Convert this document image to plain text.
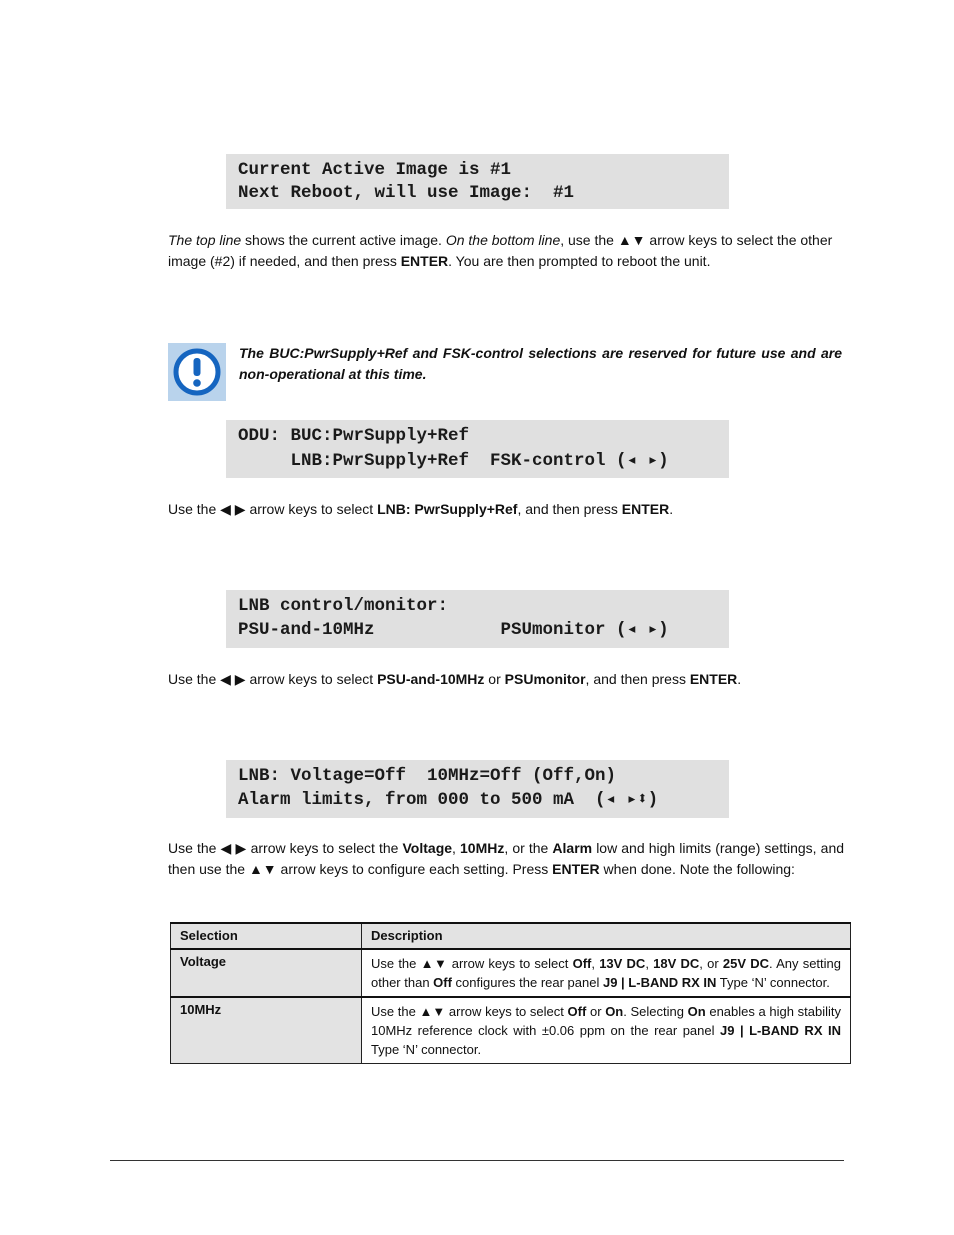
Current Active Image is #1
Next Reboot, will use Image:  #1
The top line shows the current active image. On the bottom line, use the ▲▼ arrow keys to select the other image (#2) if needed, and then press ENTER. You are then prompted to reboot the unit.
The BUC:PwrSupply+Ref and FSK-control selections are reserved for future use and are non-operational at this time.
ODU: BUC:PwrSupply+Ref
LNB:PwrSupply+Ref  FSK-control (◂ ▸)
Use the ◀ ▶ arrow keys to select LNB: PwrSupply+Ref, and then press ENTER.
LNB control/monitor:
PSU-and-10MHz            PSUmonitor (◂ ▸)
Use the ◀ ▶ arrow keys to select PSU-and-10MHz or PSUmonitor, and then press ENTER.
LNB: Voltage=Off  10MHz=Off (Off,On)
Alarm limits, from 000 to 500 mA  (◂ ▸⬍)
Use the ◀ ▶ arrow keys to select the Voltage, 10MHz, or the Alarm low and high limits (range) settings, and then use the ▲▼ arrow keys to configure each setting. Press ENTER when done. Note the following:
Selection	Description
Voltage	Use the ▲▼ arrow keys to select Off, 13V DC, 18V DC, or 25V DC. Any setting other than Off configures the rear panel J9 | L-BAND RX IN Type ‘N’ connector.
10MHz	Use the ▲▼ arrow keys to select Off or On. Selecting On enables a high stability 10MHz reference clock with ±0.06 ppm on the rear panel J9 | L-BAND RX IN Type ‘N’ connector.
